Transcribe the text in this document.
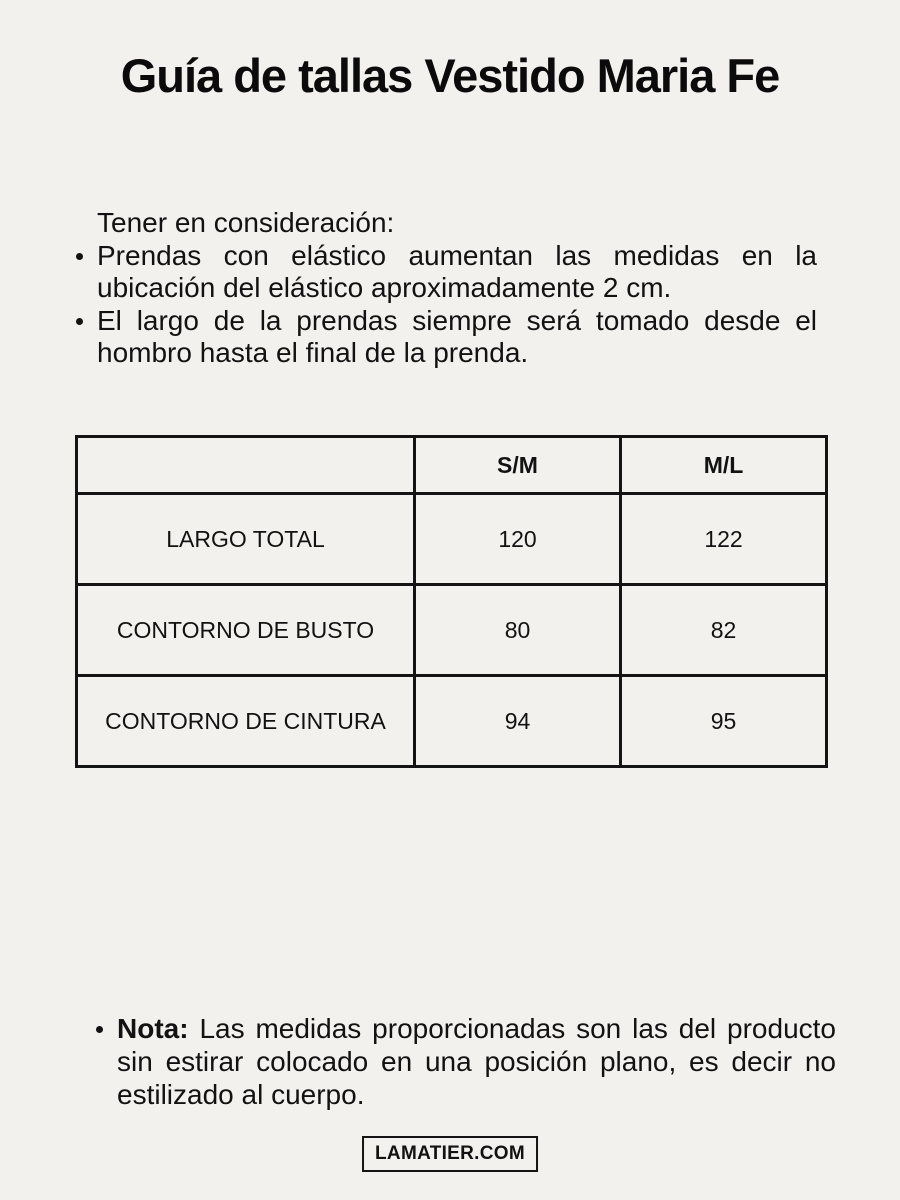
Guía de tallas Vestido Maria Fe

Tener en consideración:

Prendas con elástico aumentan las medidas en la ubicación del elástico aproximadamente 2 cm.

El largo de la prendas siempre será tomado desde el hombro hasta el final de la prenda.

	S/M	M/L
LARGO TOTAL	120	122
CONTORNO DE BUSTO	80	82
CONTORNO DE CINTURA	94	95

Nota: Las medidas proporcionadas son las del producto sin estirar colocado en una posición plano, es decir no estilizado al cuerpo.

LAMATIER.COM
